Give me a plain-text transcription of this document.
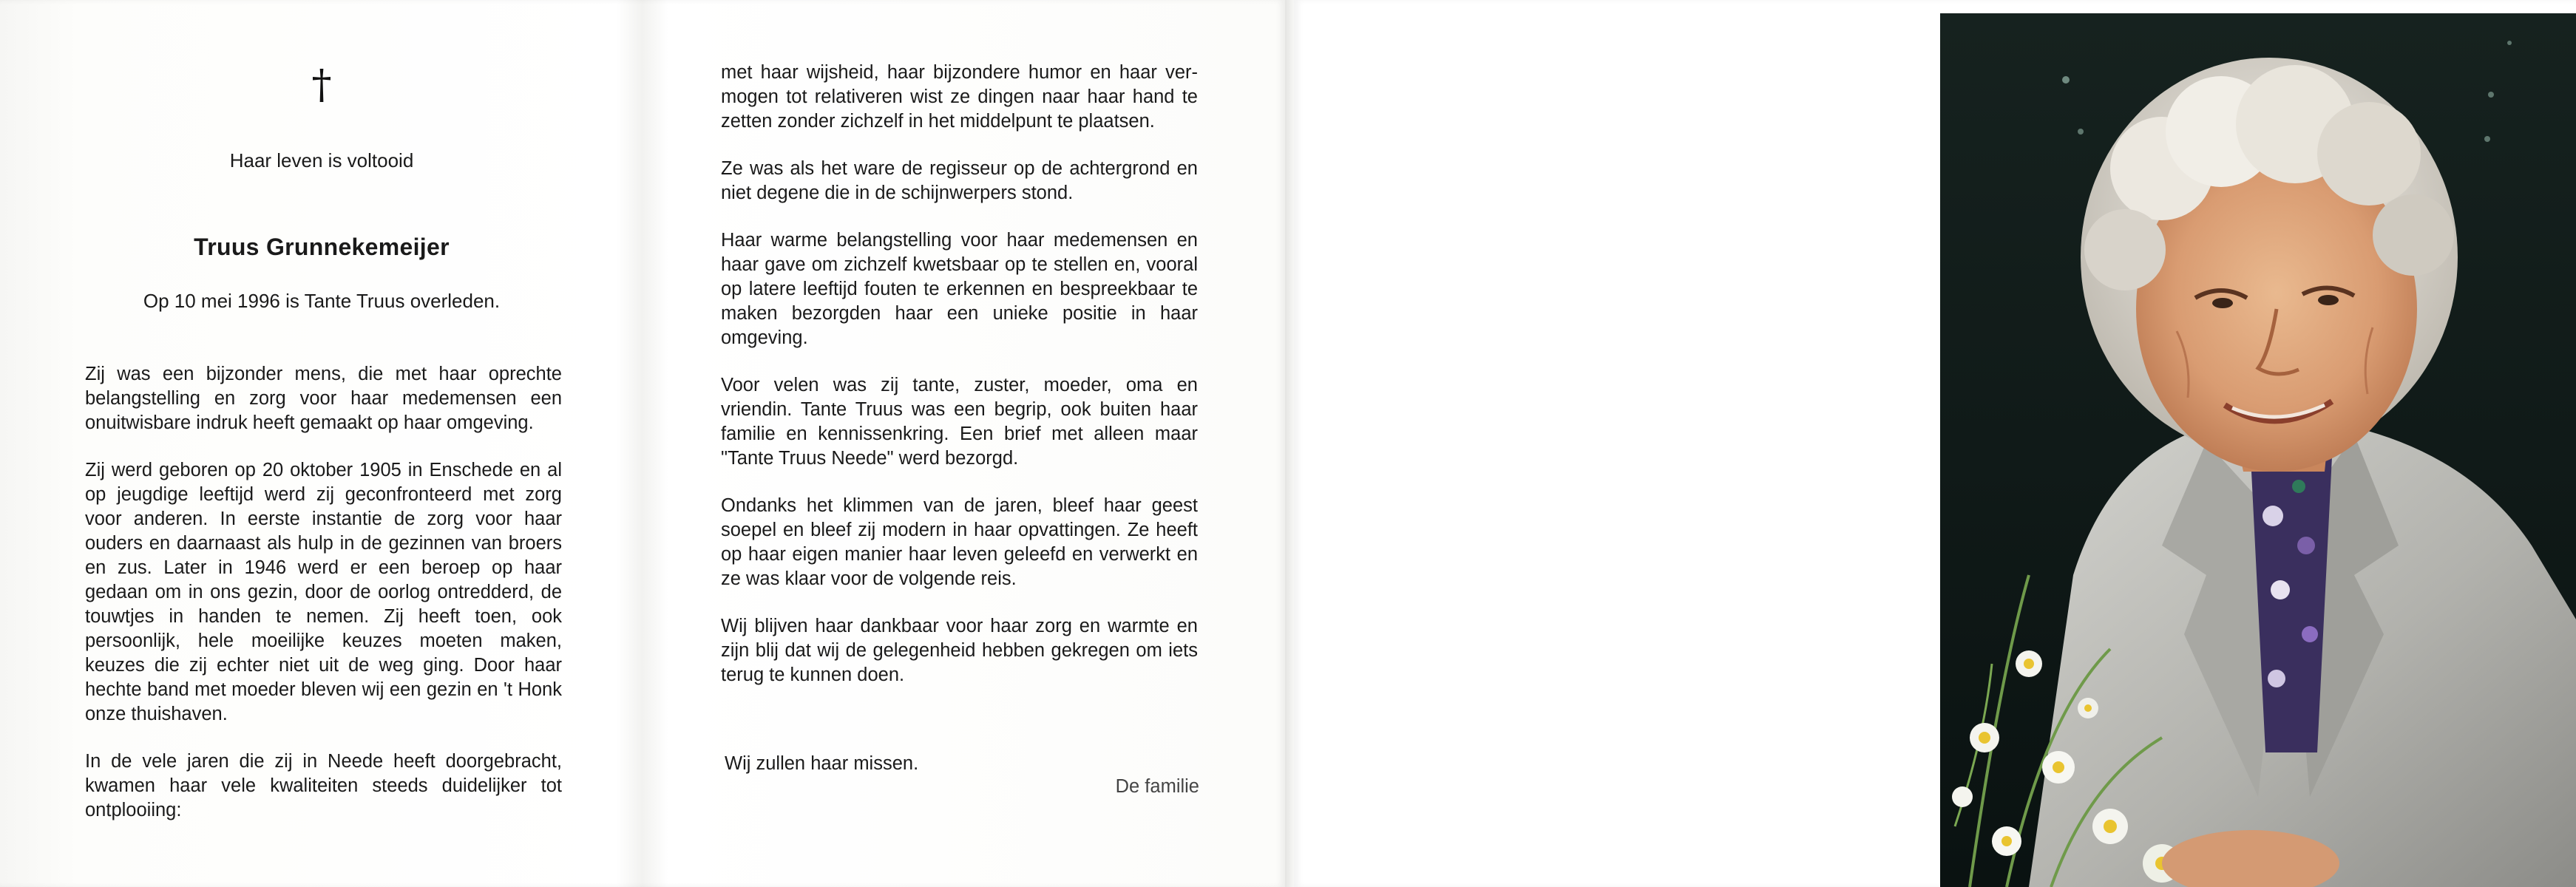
†
Haar leven is voltooid
Truus Grunnekemeijer
Op 10 mei 1996 is Tante Truus overleden.

Zij was een bijzonder mens, die met haar oprechte belangstelling en zorg voor haar medemensen een onuitwisbare indruk heeft gemaakt op haar omgeving.

Zij werd geboren op 20 oktober 1905 in Enschede en al op jeugdige leeftijd werd zij geconfronteerd met zorg voor anderen. In eerste instantie de zorg voor haar ouders en daarnaast als hulp in de gezinnen van broers en zus. Later in 1946 werd er een beroep op haar gedaan om in ons gezin, door de oorlog ontredderd, de touwtjes in handen te nemen. Zij heeft toen, ook persoonlijk, hele moeilijke keuzes moeten maken, keuzes die zij echter niet uit de weg ging. Door haar hechte band met moeder bleven wij een gezin en 't Honk onze thuishaven.

In de vele jaren die zij in Neede heeft doorgebracht, kwamen haar vele kwaliteiten steeds duidelijker tot ontplooiing:

met haar wijsheid, haar bijzondere humor en haar vermogen tot relativeren wist ze dingen naar haar hand te zetten zonder zichzelf in het middelpunt te plaatsen.

Ze was als het ware de regisseur op de achtergrond en niet degene die in de schijnwerpers stond.

Haar warme belangstelling voor haar medemensen en haar gave om zichzelf kwetsbaar op te stellen en, vooral op latere leeftijd fouten te erkennen en bespreekbaar te maken bezorgden haar een unieke positie in haar omgeving.

Voor velen was zij tante, zuster, moeder, oma en vriendin. Tante Truus was een begrip, ook buiten haar familie en kennissenkring. Een brief met alleen maar "Tante Truus Neede" werd bezorgd.

Ondanks het klimmen van de jaren, bleef haar geest soepel en bleef zij modern in haar opvattingen. Ze heeft op haar eigen manier haar leven geleefd en verwerkt en ze was klaar voor de volgende reis.

Wij blijven haar dankbaar voor haar zorg en warmte en zijn blij dat wij de gelegenheid hebben gekregen om iets terug te kunnen doen.

Wij zullen haar missen.
De familie
